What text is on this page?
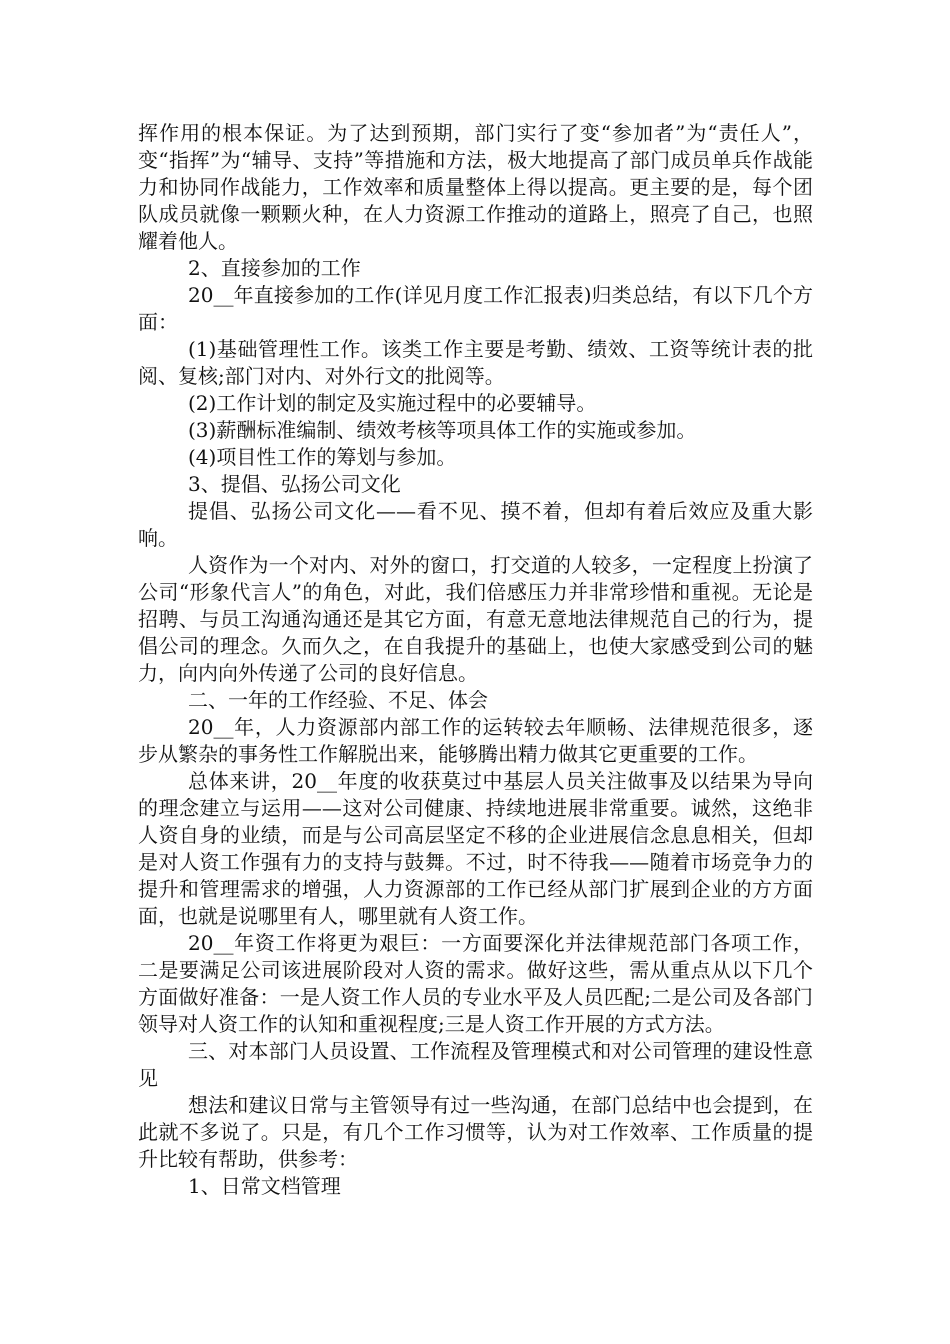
挥作用的根本保证。为了达到预期，部门实行了变“参加者”为“责任人”，变“指挥”为“辅导、支持”等措施和方法，极大地提高了部门成员单兵作战能力和协同作战能力，工作效率和质量整体上得以提高。更主要的是，每个团队成员就像一颗颗火种，在人力资源工作推动的道路上，照亮了自己，也照耀着他人。

2、直接参加的工作

20__年直接参加的工作(详见月度工作汇报表)归类总结，有以下几个方面：

(1)基础管理性工作。该类工作主要是考勤、绩效、工资等统计表的批阅、复核;部门对内、对外行文的批阅等。

(2)工作计划的制定及实施过程中的必要辅导。

(3)薪酬标准编制、绩效考核等项具体工作的实施或参加。

(4)项目性工作的筹划与参加。

3、提倡、弘扬公司文化

提倡、弘扬公司文化——看不见、摸不着，但却有着后效应及重大影响。

人资作为一个对内、对外的窗口，打交道的人较多，一定程度上扮演了公司“形象代言人”的角色，对此，我们倍感压力并非常珍惜和重视。无论是招聘、与员工沟通沟通还是其它方面，有意无意地法律规范自己的行为，提倡公司的理念。久而久之，在自我提升的基础上，也使大家感受到公司的魅力，向内向外传递了公司的良好信息。

二、一年的工作经验、不足、体会

20__年，人力资源部内部工作的运转较去年顺畅、法律规范很多，逐步从繁杂的事务性工作解脱出来，能够腾出精力做其它更重要的工作。

总体来讲，20__年度的收获莫过中基层人员关注做事及以结果为导向的理念建立与运用——这对公司健康、持续地进展非常重要。诚然，这绝非人资自身的业绩，而是与公司高层坚定不移的企业进展信念息息相关，但却是对人资工作强有力的支持与鼓舞。不过，时不待我——随着市场竞争力的提升和管理需求的增强，人力资源部的工作已经从部门扩展到企业的方方面面，也就是说哪里有人，哪里就有人资工作。

20__年资工作将更为艰巨：一方面要深化并法律规范部门各项工作，二是要满足公司该进展阶段对人资的需求。做好这些，需从重点从以下几个方面做好准备：一是人资工作人员的专业水平及人员匹配;二是公司及各部门领导对人资工作的认知和重视程度;三是人资工作开展的方式方法。

三、对本部门人员设置、工作流程及管理模式和对公司管理的建设性意见

想法和建议日常与主管领导有过一些沟通，在部门总结中也会提到，在此就不多说了。只是，有几个工作习惯等，认为对工作效率、工作质量的提升比较有帮助，供参考：

1、日常文档管理
